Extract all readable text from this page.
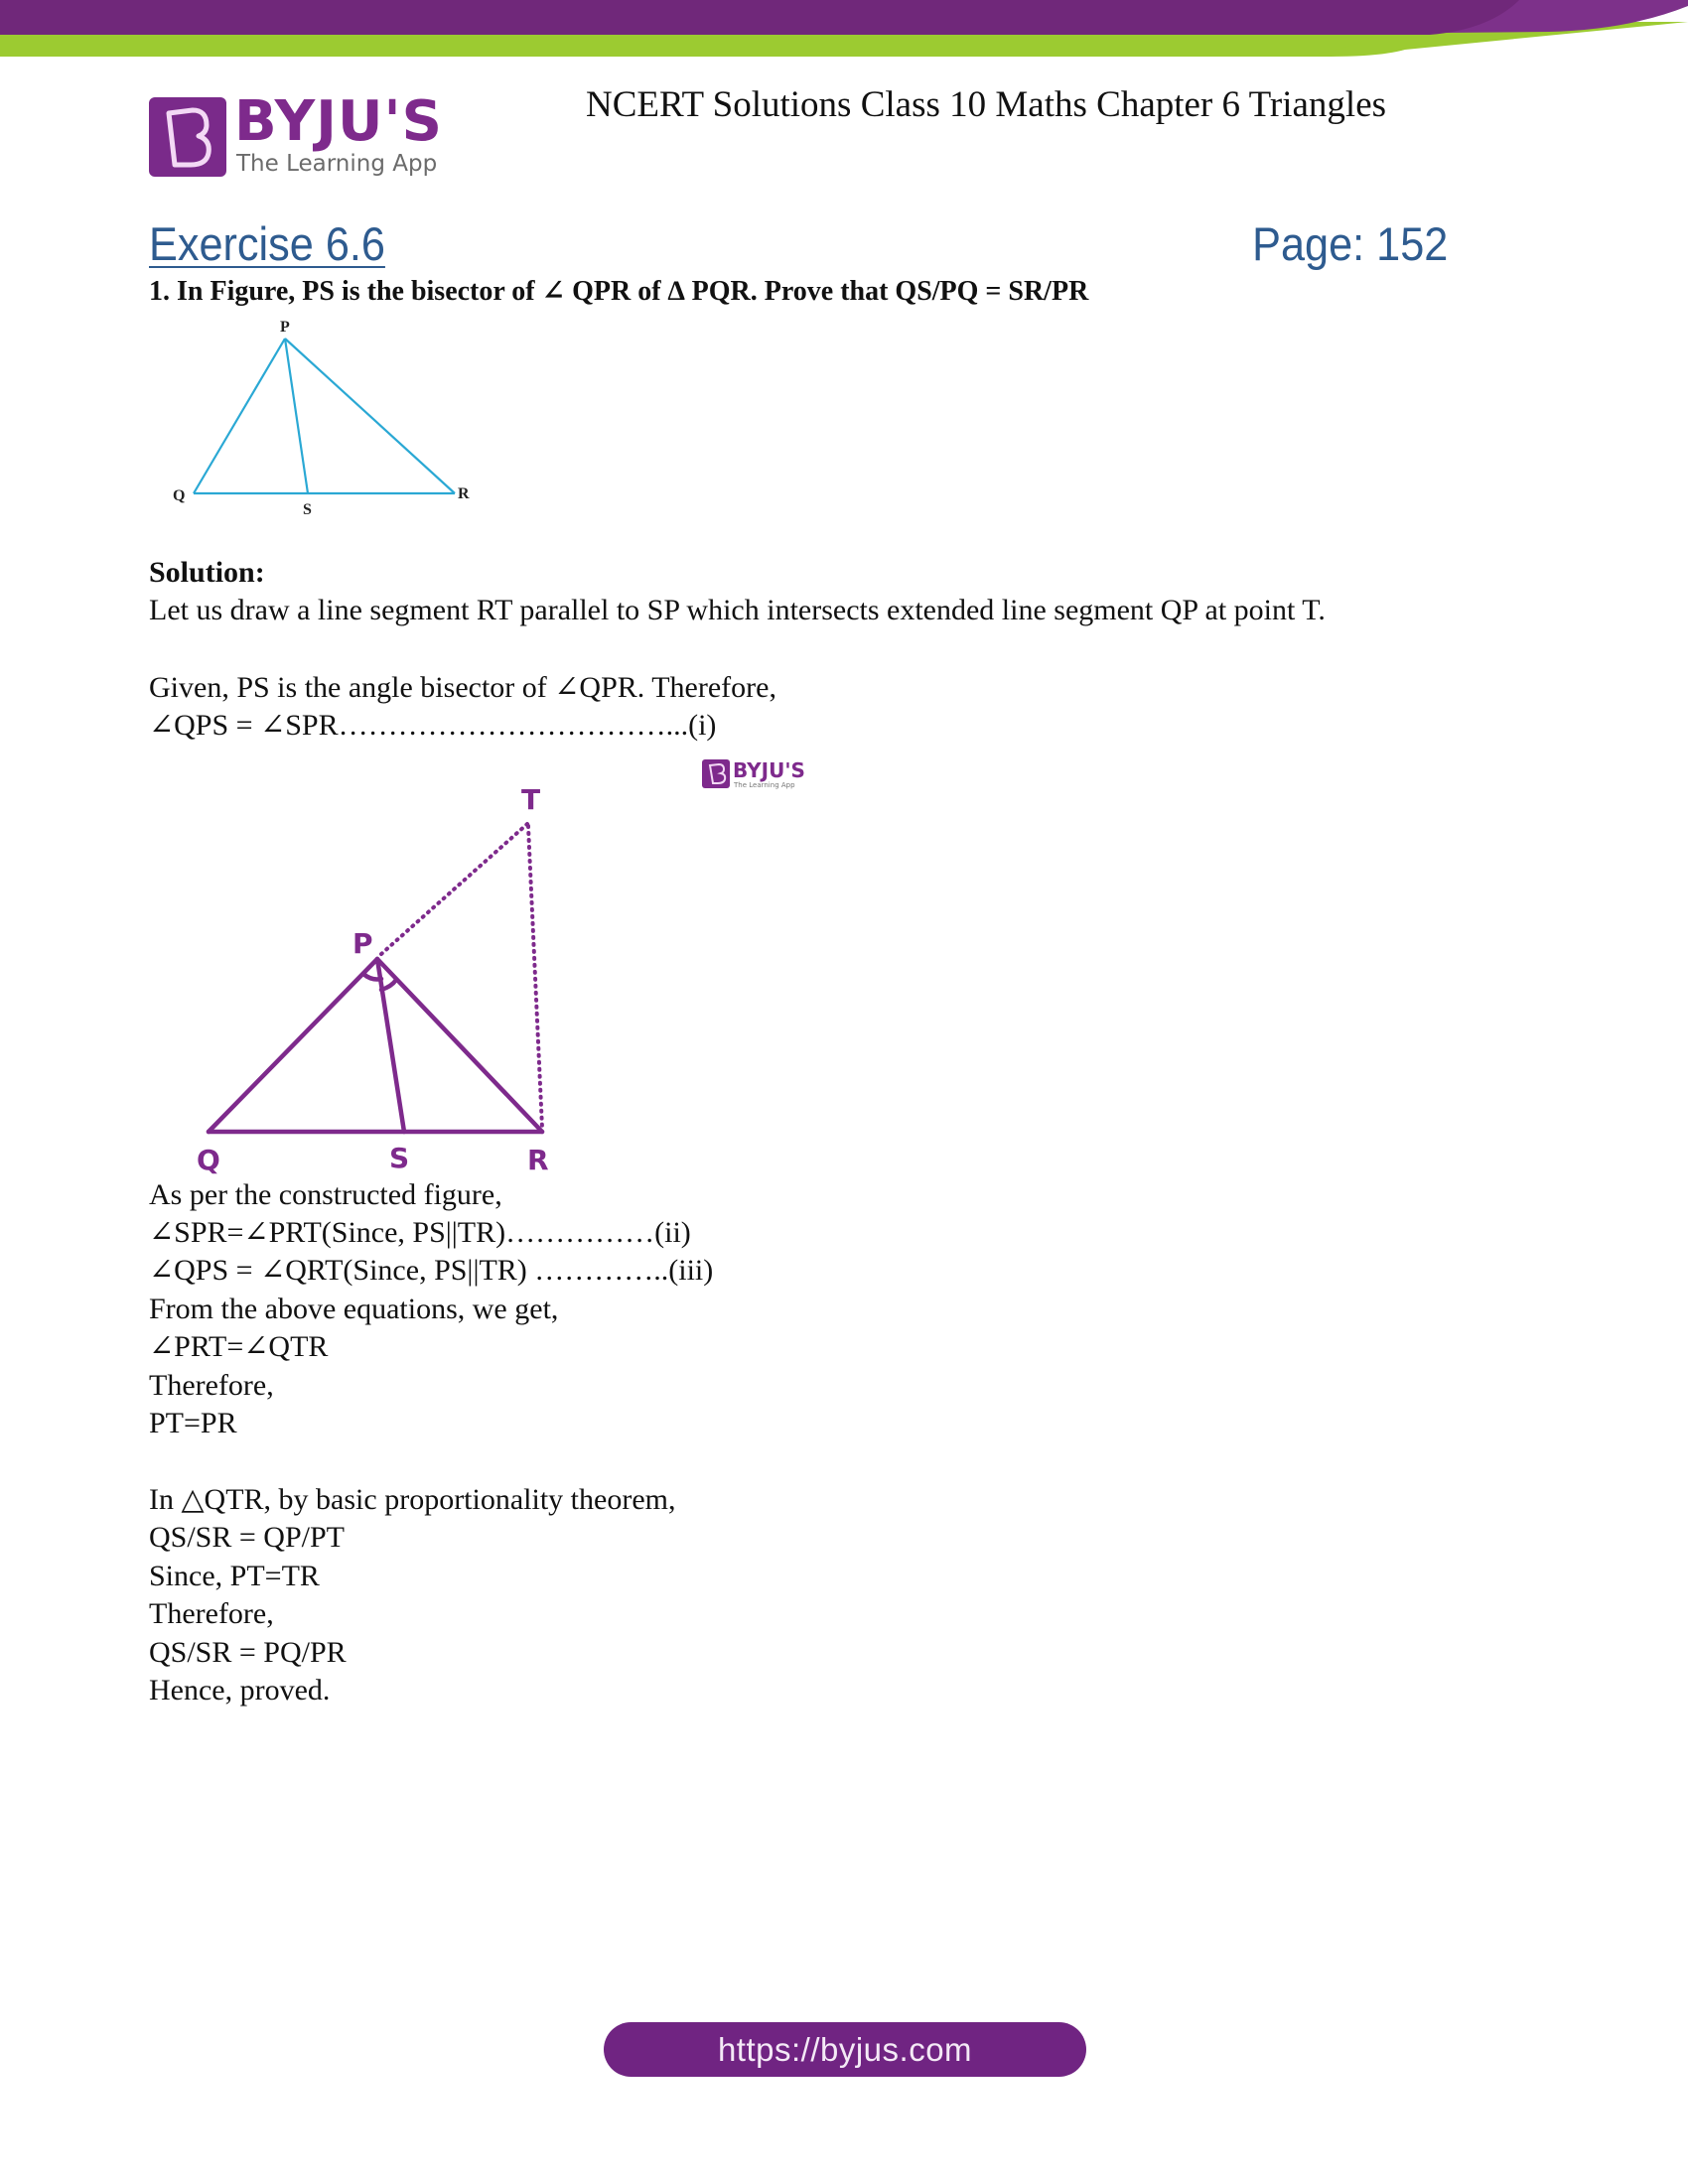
BYJU'S
The Learning App
NCERT Solutions Class 10 Maths Chapter 6 Triangles
Exercise 6.6	Page: 152
1. In Figure, PS is the bisector of ∠ QPR of ∆ PQR. Prove that QS/PQ = SR/PR
P
Q
S
R
Solution:
Let us draw a line segment RT parallel to SP which intersects extended line segment QP at point T.
Given, PS is the angle bisector of ∠QPR. Therefore,
∠QPS = ∠SPR……………………………...(i)
P
T
Q	S	R
BYJU'S
The Learning App
As per the constructed figure,
∠SPR=∠PRT(Since, PS||TR)……………(ii)
∠QPS = ∠QRT(Since, PS||TR) …………..(iii)
From the above equations, we get,
∠PRT=∠QTR
Therefore,
PT=PR
In △QTR, by basic proportionality theorem,
QS/SR = QP/PT
Since, PT=TR
Therefore,
QS/SR = PQ/PR
Hence, proved.
https://byjus.com
